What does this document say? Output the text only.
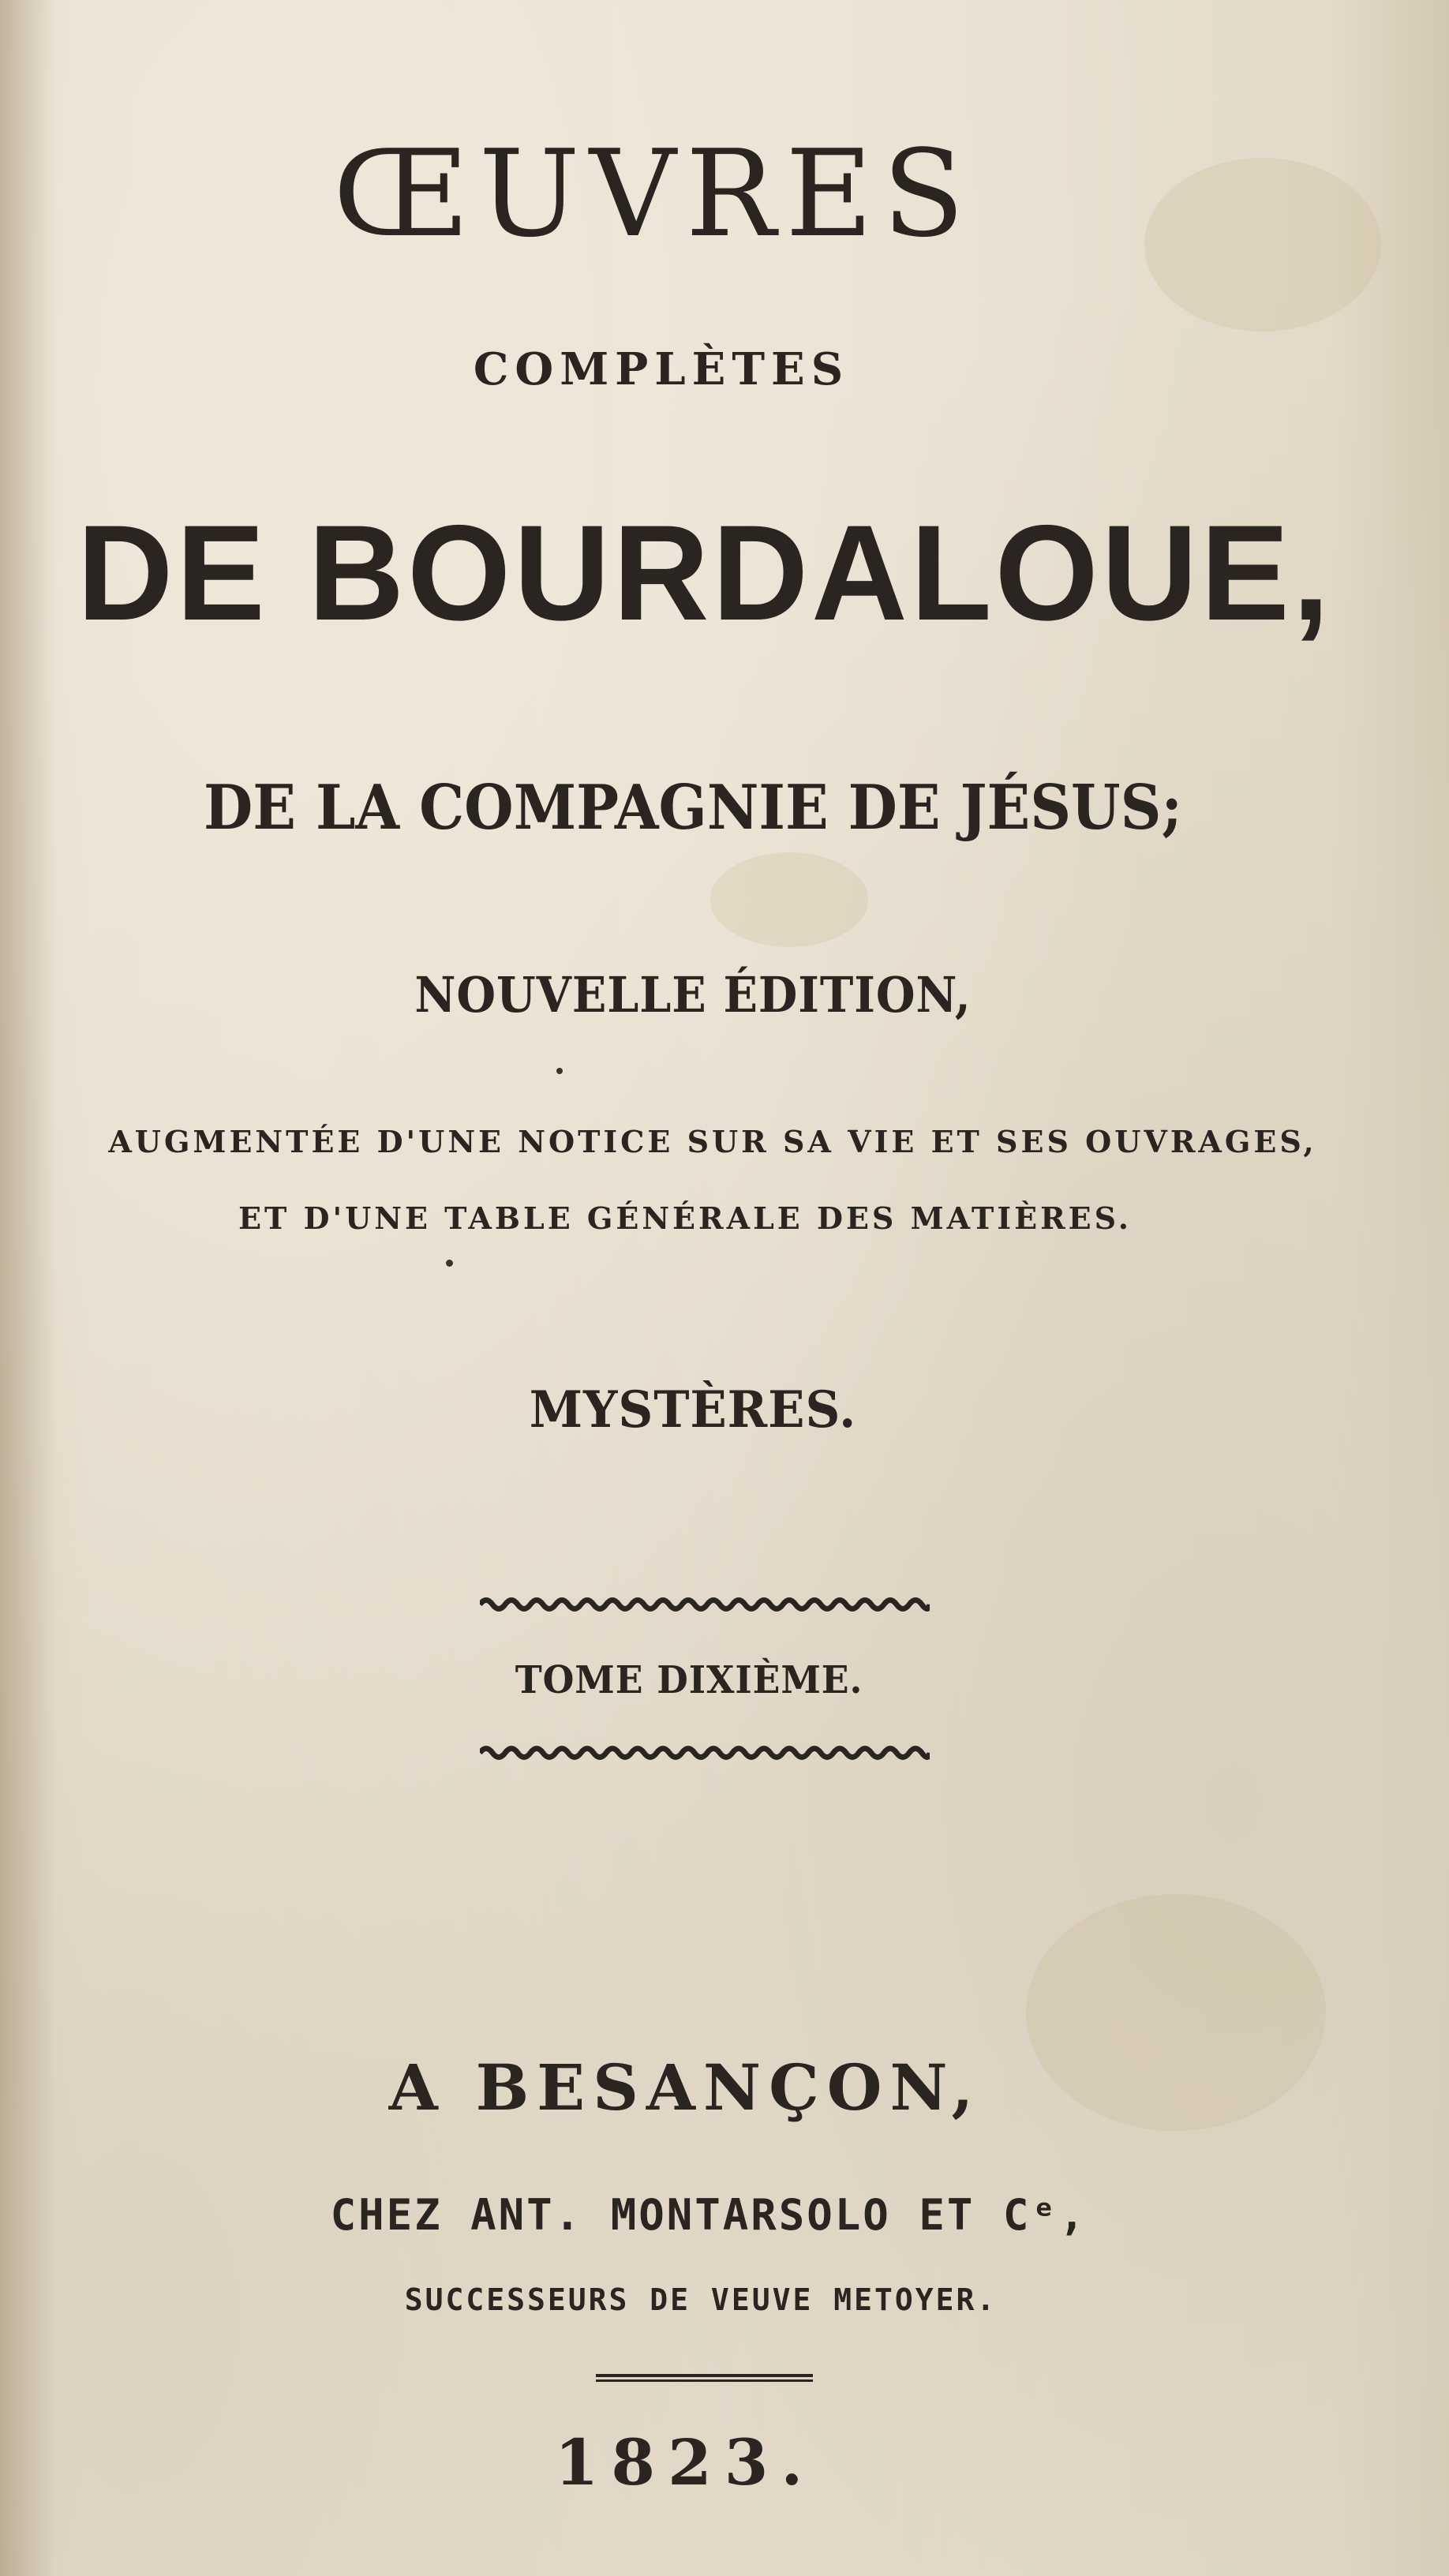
ŒUVRES
COMPLÈTES
DE BOURDALOUE,
DE LA COMPAGNIE DE JÉSUS;
NOUVELLE ÉDITION,
AUGMENTÉE D'UNE NOTICE SUR SA VIE ET SES OUVRAGES,
ET D'UNE TABLE GÉNÉRALE DES MATIÈRES.
MYSTÈRES.
TOME DIXIÈME.
A BESANÇON,
CHEZ ANT. MONTARSOLO ET Cᵉ,
SUCCESSEURS DE VEUVE METOYER.
1823.
